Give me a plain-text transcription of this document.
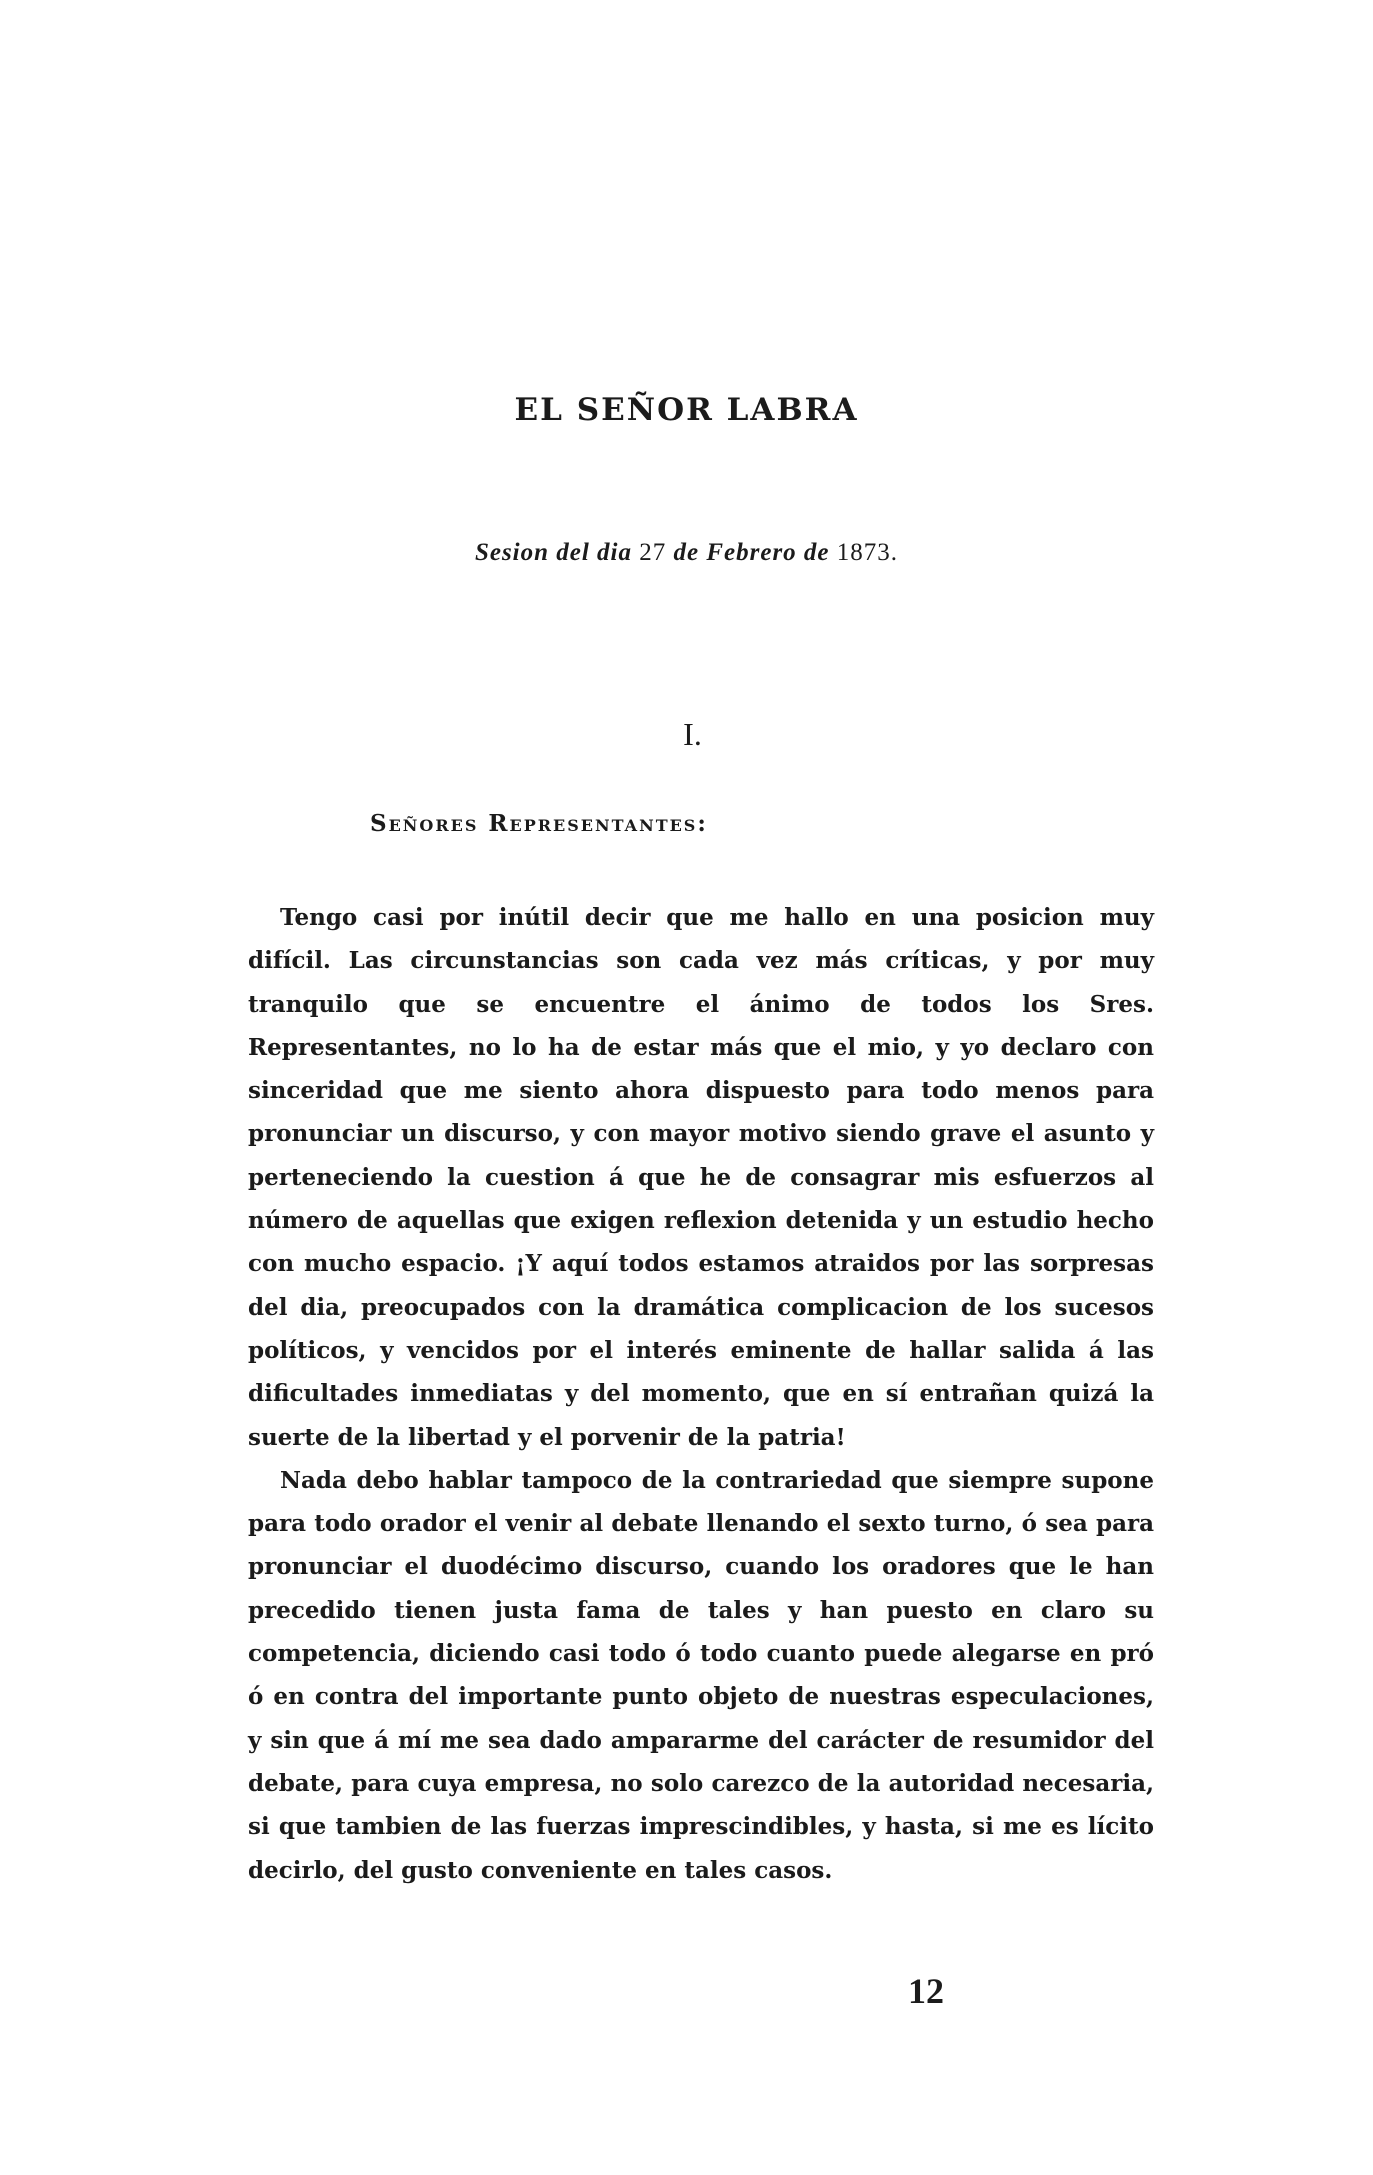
EL SEÑOR LABRA
Sesion del dia 27 de Febrero de 1873.
I.
Señores Representantes:

Tengo casi por inútil decir que me hallo en una posicion muy difícil. Las circunstancias son cada vez más críticas, y por muy tranquilo que se encuentre el ánimo de todos los Sres. Representantes, no lo ha de estar más que el mio, y yo declaro con sinceridad que me siento ahora dispuesto para todo menos para pronunciar un discurso, y con mayor motivo siendo grave el asunto y perteneciendo la cuestion á que he de consagrar mis esfuerzos al número de aquellas que exigen reflexion detenida y un estudio hecho con mucho espacio. ¡Y aquí todos estamos atraidos por las sorpresas del dia, preocupados con la dramática complicacion de los sucesos políticos, y vencidos por el interés eminente de hallar salida á las dificultades inmediatas y del momento, que en sí entrañan quizá la suerte de la libertad y el porvenir de la patria!

Nada debo hablar tampoco de la contrariedad que siempre supone para todo orador el venir al debate llenando el sexto turno, ó sea para pronunciar el duodécimo discurso, cuando los oradores que le han precedido tienen justa fama de tales y han puesto en claro su competencia, diciendo casi todo ó todo cuanto puede alegarse en pró ó en contra del importante punto objeto de nuestras especulaciones, y sin que á mí me sea dado ampararme del carácter de resumidor del debate, para cuya empresa, no solo carezco de la autoridad necesaria, si que tambien de las fuerzas imprescindibles, y hasta, si me es lícito decirlo, del gusto conveniente en tales casos.

12
